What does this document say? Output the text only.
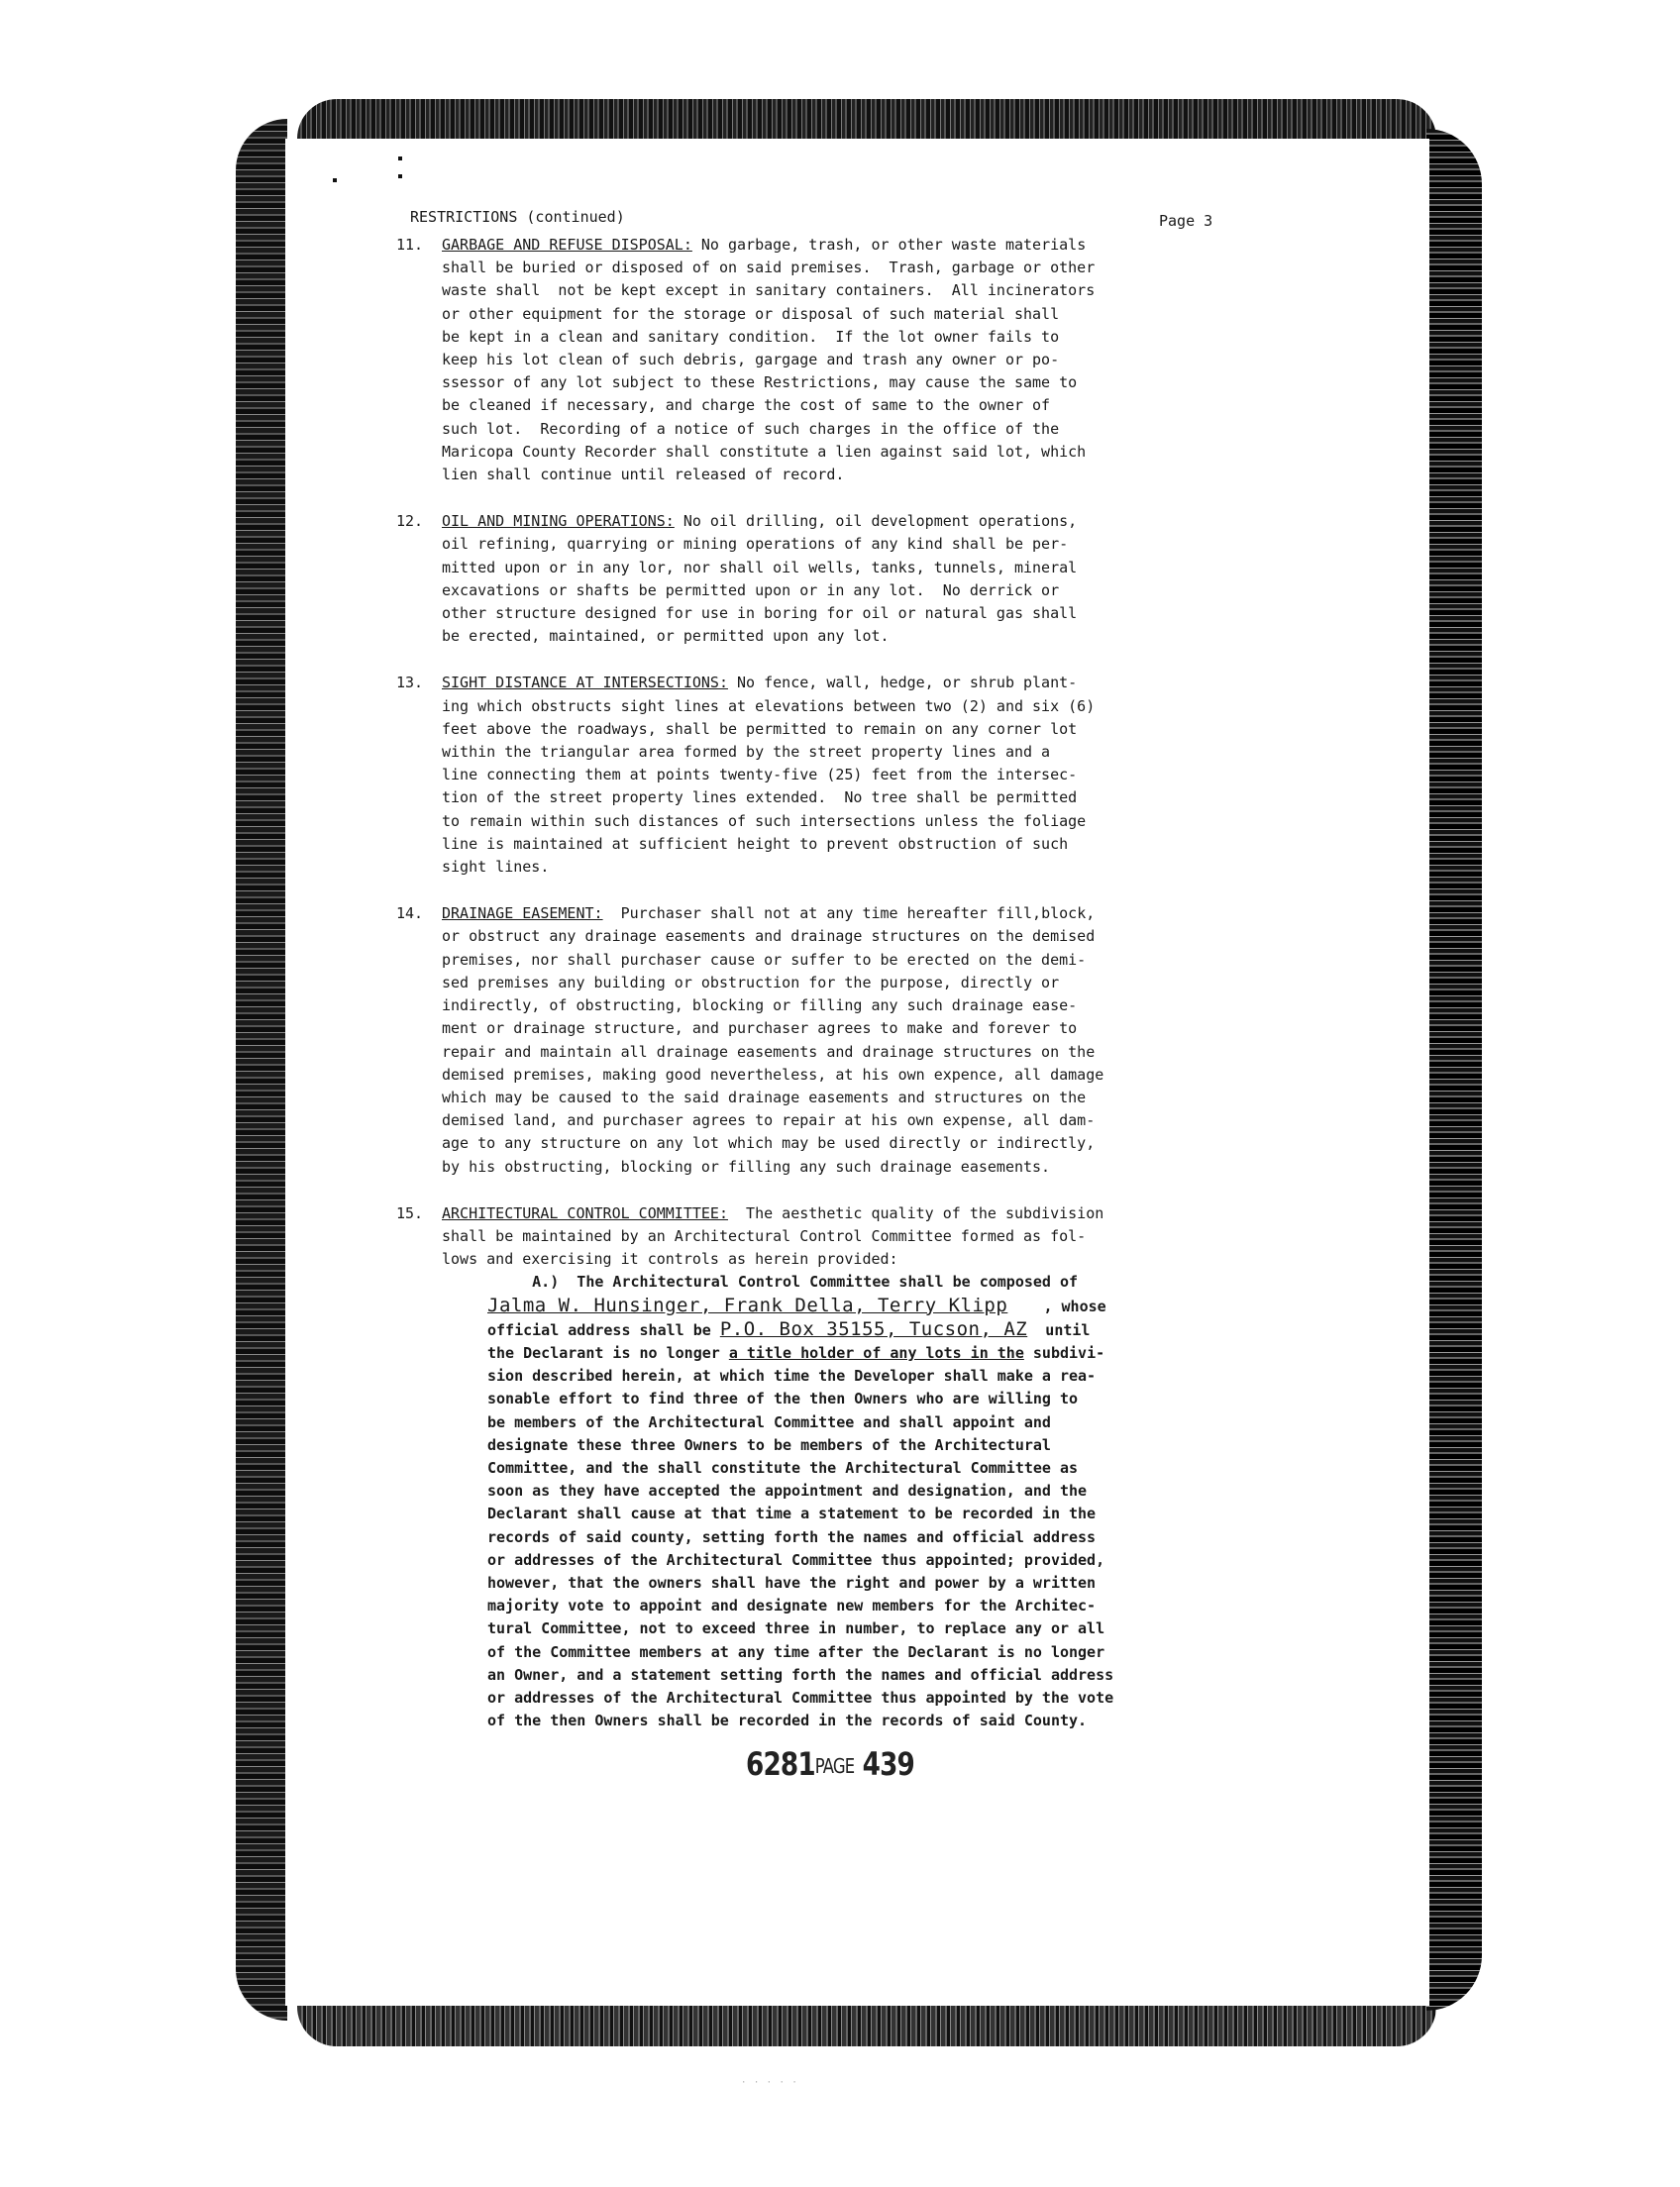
RESTRICTIONS (continued)	Page 3
11. GARBAGE AND REFUSE DISPOSAL: No garbage, trash, or other waste materials
shall be buried or disposed of on said premises.  Trash, garbage or other
waste shall  not be kept except in sanitary containers.  All incinerators
or other equipment for the storage or disposal of such material shall
be kept in a clean and sanitary condition.  If the lot owner fails to
keep his lot clean of such debris, gargage and trash any owner or po-
ssessor of any lot subject to these Restrictions, may cause the same to
be cleaned if necessary, and charge the cost of same to the owner of
such lot.  Recording of a notice of such charges in the office of the
Maricopa County Recorder shall constitute a lien against said lot, which
lien shall continue until released of record.
12. OIL AND MINING OPERATIONS: No oil drilling, oil development operations,
oil refining, quarrying or mining operations of any kind shall be per-
mitted upon or in any lor, nor shall oil wells, tanks, tunnels, mineral
excavations or shafts be permitted upon or in any lot.  No derrick or
other structure designed for use in boring for oil or natural gas shall
be erected, maintained, or permitted upon any lot.
13. SIGHT DISTANCE AT INTERSECTIONS: No fence, wall, hedge, or shrub plant-
ing which obstructs sight lines at elevations between two (2) and six (6)
feet above the roadways, shall be permitted to remain on any corner lot
within the triangular area formed by the street property lines and a
line connecting them at points twenty-five (25) feet from the intersec-
tion of the street property lines extended.  No tree shall be permitted
to remain within such distances of such intersections unless the foliage
line is maintained at sufficient height to prevent obstruction of such
sight lines.
14. DRAINAGE EASEMENT:  Purchaser shall not at any time hereafter fill,block,
or obstruct any drainage easements and drainage structures on the demised
premises, nor shall purchaser cause or suffer to be erected on the demi-
sed premises any building or obstruction for the purpose, directly or
indirectly, of obstructing, blocking or filling any such drainage ease-
ment or drainage structure, and purchaser agrees to make and forever to
repair and maintain all drainage easements and drainage structures on the
demised premises, making good nevertheless, at his own expence, all damage
which may be caused to the said drainage easements and structures on the
demised land, and purchaser agrees to repair at his own expense, all dam-
age to any structure on any lot which may be used directly or indirectly,
by his obstructing, blocking or filling any such drainage easements.
15. ARCHITECTURAL CONTROL COMMITTEE:  The aesthetic quality of the subdivision
shall be maintained by an Architectural Control Committee formed as fol-
lows and exercising it controls as herein provided:
A.)  The Architectural Control Committee shall be composed of
Jalma W. Hunsinger, Frank Della, Terry Klipp    , whose
official address shall be P.O. Box 35155, Tucson, AZ  until
the Declarant is no longer a title holder of any lots in the subdivi-
sion described herein, at which time the Developer shall make a rea-
sonable effort to find three of the then Owners who are willing to
be members of the Architectural Committee and shall appoint and
designate these three Owners to be members of the Architectural
Committee, and the shall constitute the Architectural Committee as
soon as they have accepted the appointment and designation, and the
Declarant shall cause at that time a statement to be recorded in the
records of said county, setting forth the names and official address
or addresses of the Architectural Committee thus appointed; provided,
however, that the owners shall have the right and power by a written
majority vote to appoint and designate new members for the Architec-
tural Committee, not to exceed three in number, to replace any or all
of the Committee members at any time after the Declarant is no longer
an Owner, and a statement setting forth the names and official address
or addresses of the Architectural Committee thus appointed by the vote
of the then Owners shall be recorded in the records of said County.
6281PAGE 439
· · · · ·
